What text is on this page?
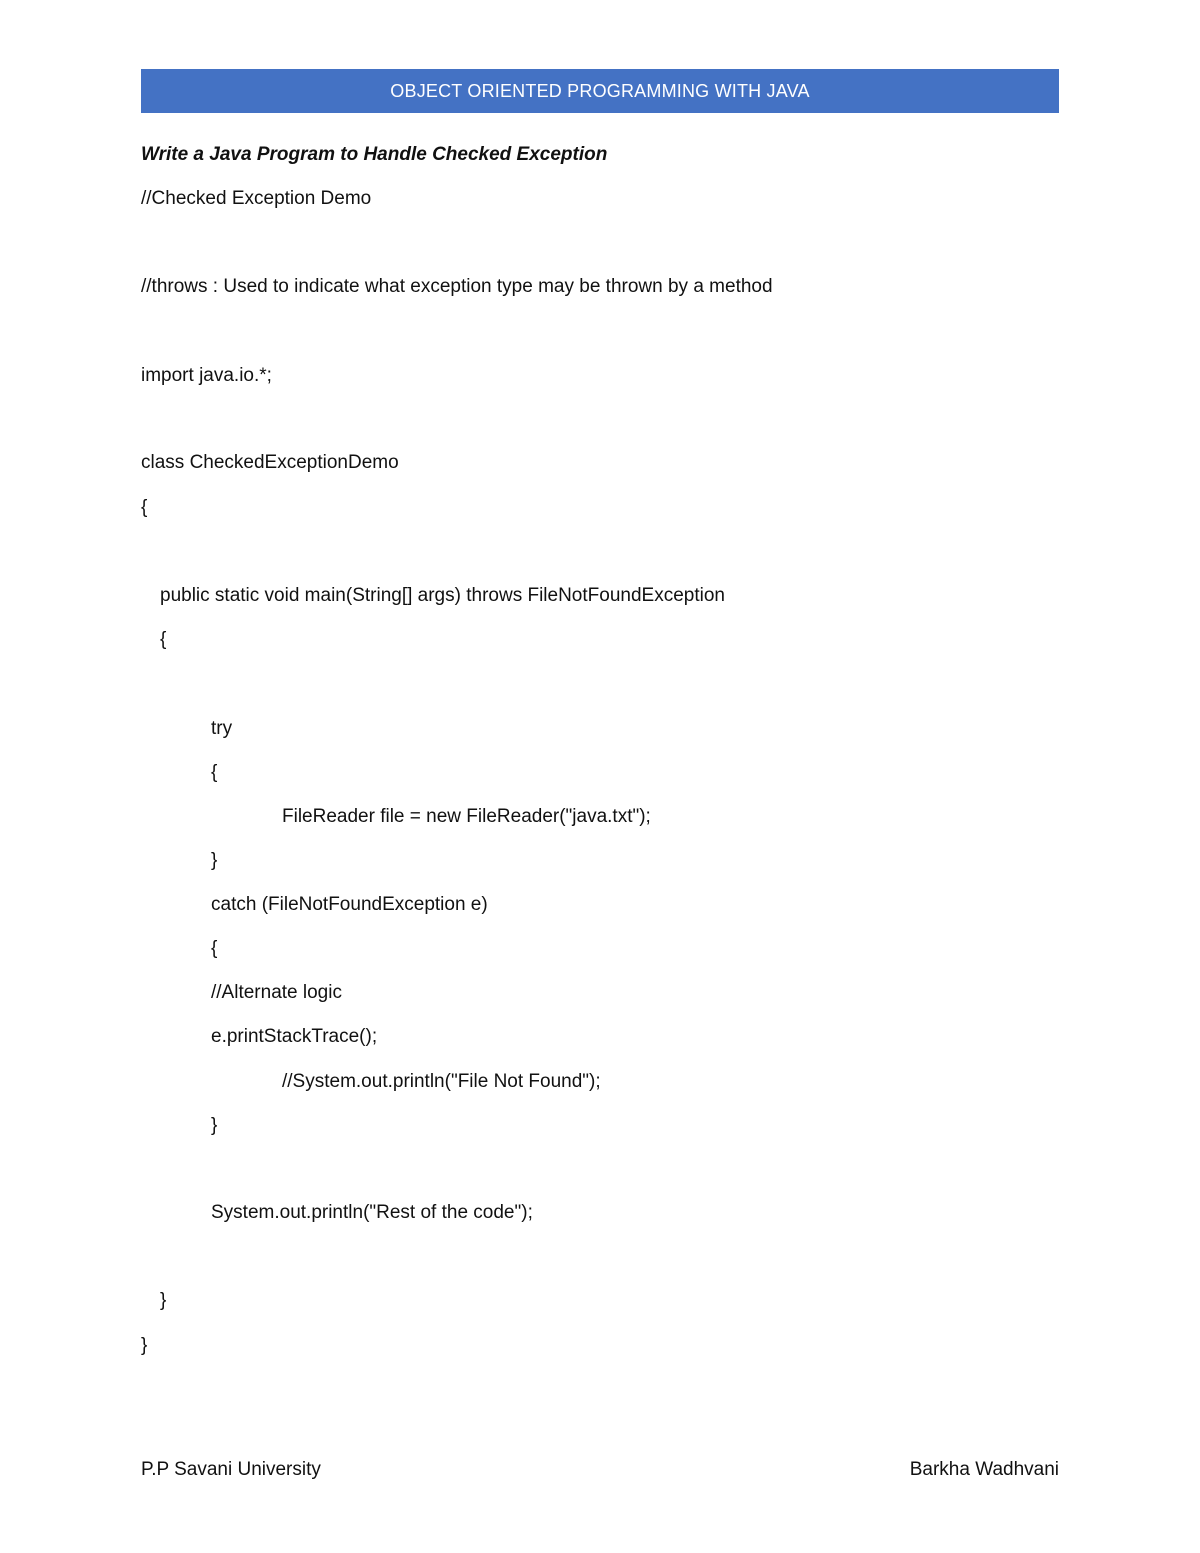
OBJECT ORIENTED PROGRAMMING WITH JAVA
Write a Java Program to Handle Checked Exception
//Checked Exception Demo
//throws : Used to indicate what exception type may be thrown by a method
import java.io.*;
class CheckedExceptionDemo
{
public static void main(String[] args) throws FileNotFoundException
{
try
{
FileReader file = new FileReader("java.txt");
}
catch (FileNotFoundException e)
{
//Alternate logic
e.printStackTrace();
//System.out.println("File Not Found");
}
System.out.println("Rest of the code");
}
}
P.P Savani University	Barkha Wadhvani
